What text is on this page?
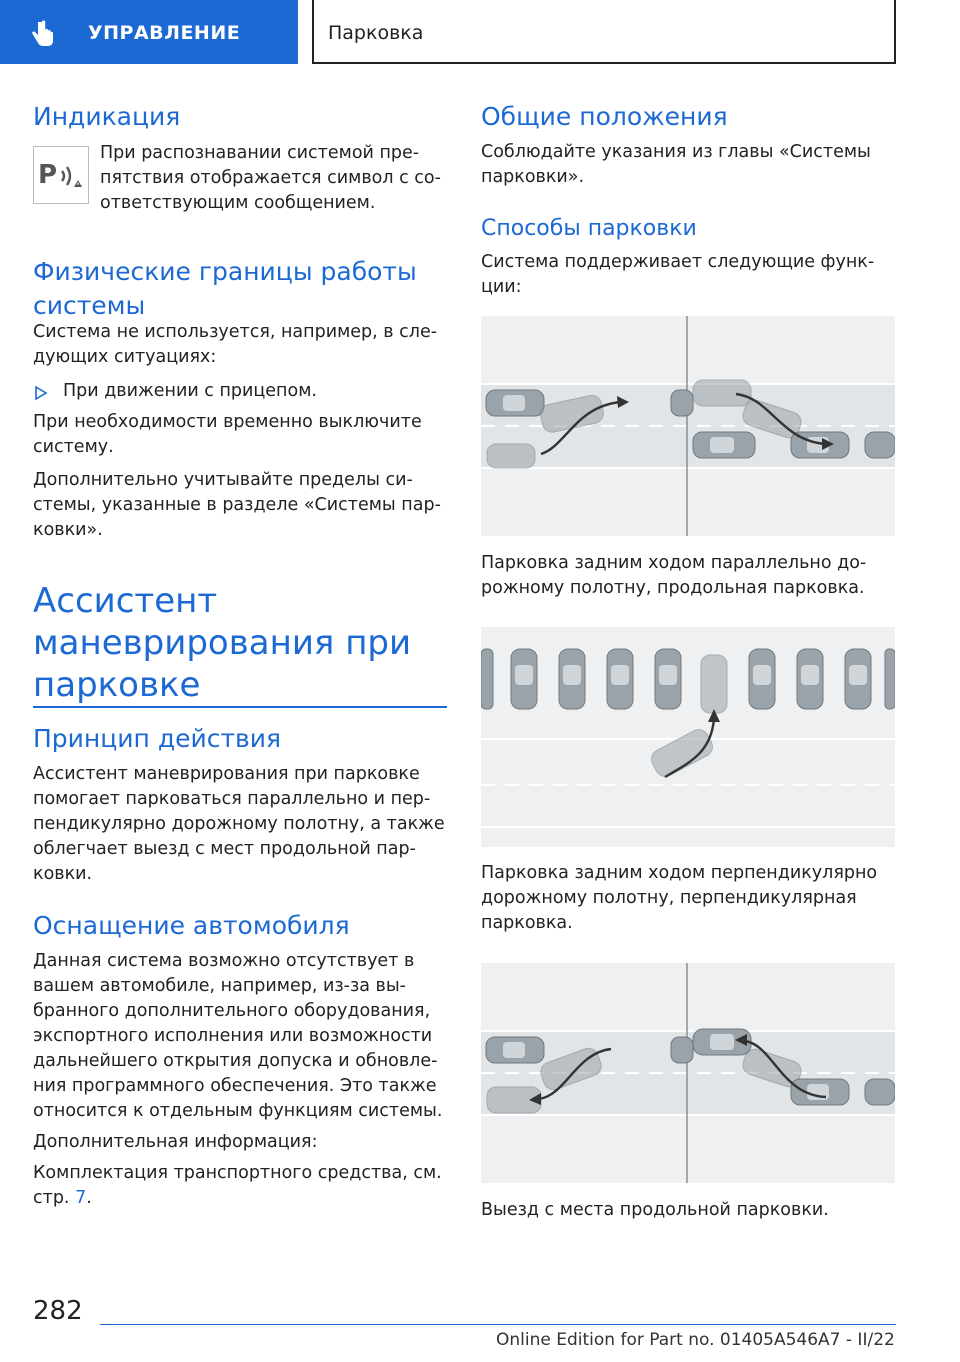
УПРАВЛЕНИЕ	Парковка
Индикация
P
При распознавании системой пре-
пятствия отображается символ с со-
ответствующим сообщением.
Физические границы работы
системы
Система не используется, например, в сле-
дующих ситуациях:
При движении с прицепом.
При необходимости временно выключите
систему.
Дополнительно учитывайте пределы си-
стемы, указанные в разделе «Системы пар-
ковки».
Ассистент
маневрирования при
парковке
Принцип действия
Ассистент маневрирования при парковке
помогает парковаться параллельно и пер-
пендикулярно дорожному полотну, а также
облегчает выезд с мест продольной пар-
ковки.
Оснащение автомобиля
Данная система возможно отсутствует в
вашем автомобиле, например, из-за вы-
бранного дополнительного оборудования,
экспортного исполнения или возможности
дальнейшего открытия допуска и обновле-
ния программного обеспечения. Это также
относится к отдельным функциям системы.
Дополнительная информация:
Комплектация транспортного средства, см.
стр. 7.
Общие положения
Соблюдайте указания из главы «Системы
парковки».
Способы парковки
Система поддерживает следующие функ-
ции:
Парковка задним ходом параллельно до-
рожному полотну, продольная парковка.
Парковка задним ходом перпендикулярно
дорожному полотну, перпендикулярная
парковка.
Выезд с места продольной парковки.
282
Online Edition for Part no. 01405A546A7 - II/22
